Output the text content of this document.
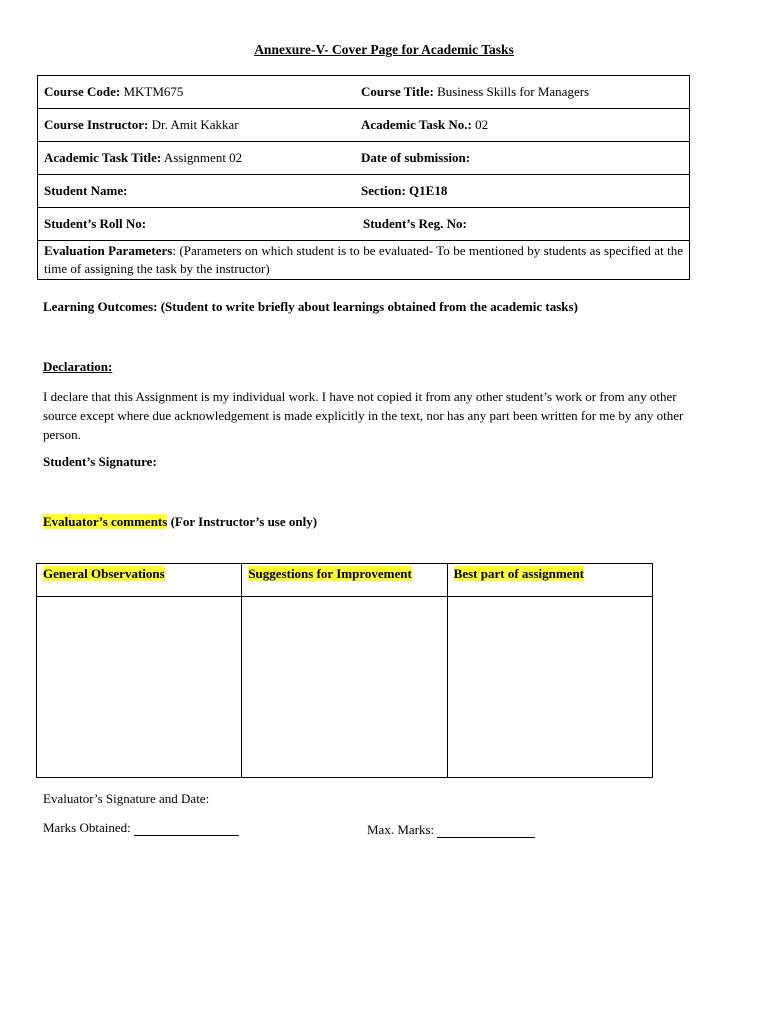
Annexure-V- Cover Page for Academic Tasks
Course Code: MKTM675	Course Title: Business Skills for Managers
Course Instructor: Dr. Amit Kakkar	Academic Task No.: 02
Academic Task Title: Assignment 02	Date of submission:
Student Name:	Section: Q1E18
Student’s Roll No:	Student’s Reg. No:
Evaluation Parameters: (Parameters on which student is to be evaluated- To be mentioned by students as specified at the time of assigning the task by the instructor)	
Learning Outcomes: (Student to write briefly about learnings obtained from the academic tasks)
Declaration:
I declare that this Assignment is my individual work. I have not copied it from any other student’s work or from any other source except where due acknowledgement is made explicitly in the text, nor has any part been written for me by any other person.
Student’s Signature:
Evaluator’s comments (For Instructor’s use only)
General Observations	Suggestions for Improvement	Best part of assignment

Evaluator’s Signature and Date:
Marks Obtained:	Max. Marks:
